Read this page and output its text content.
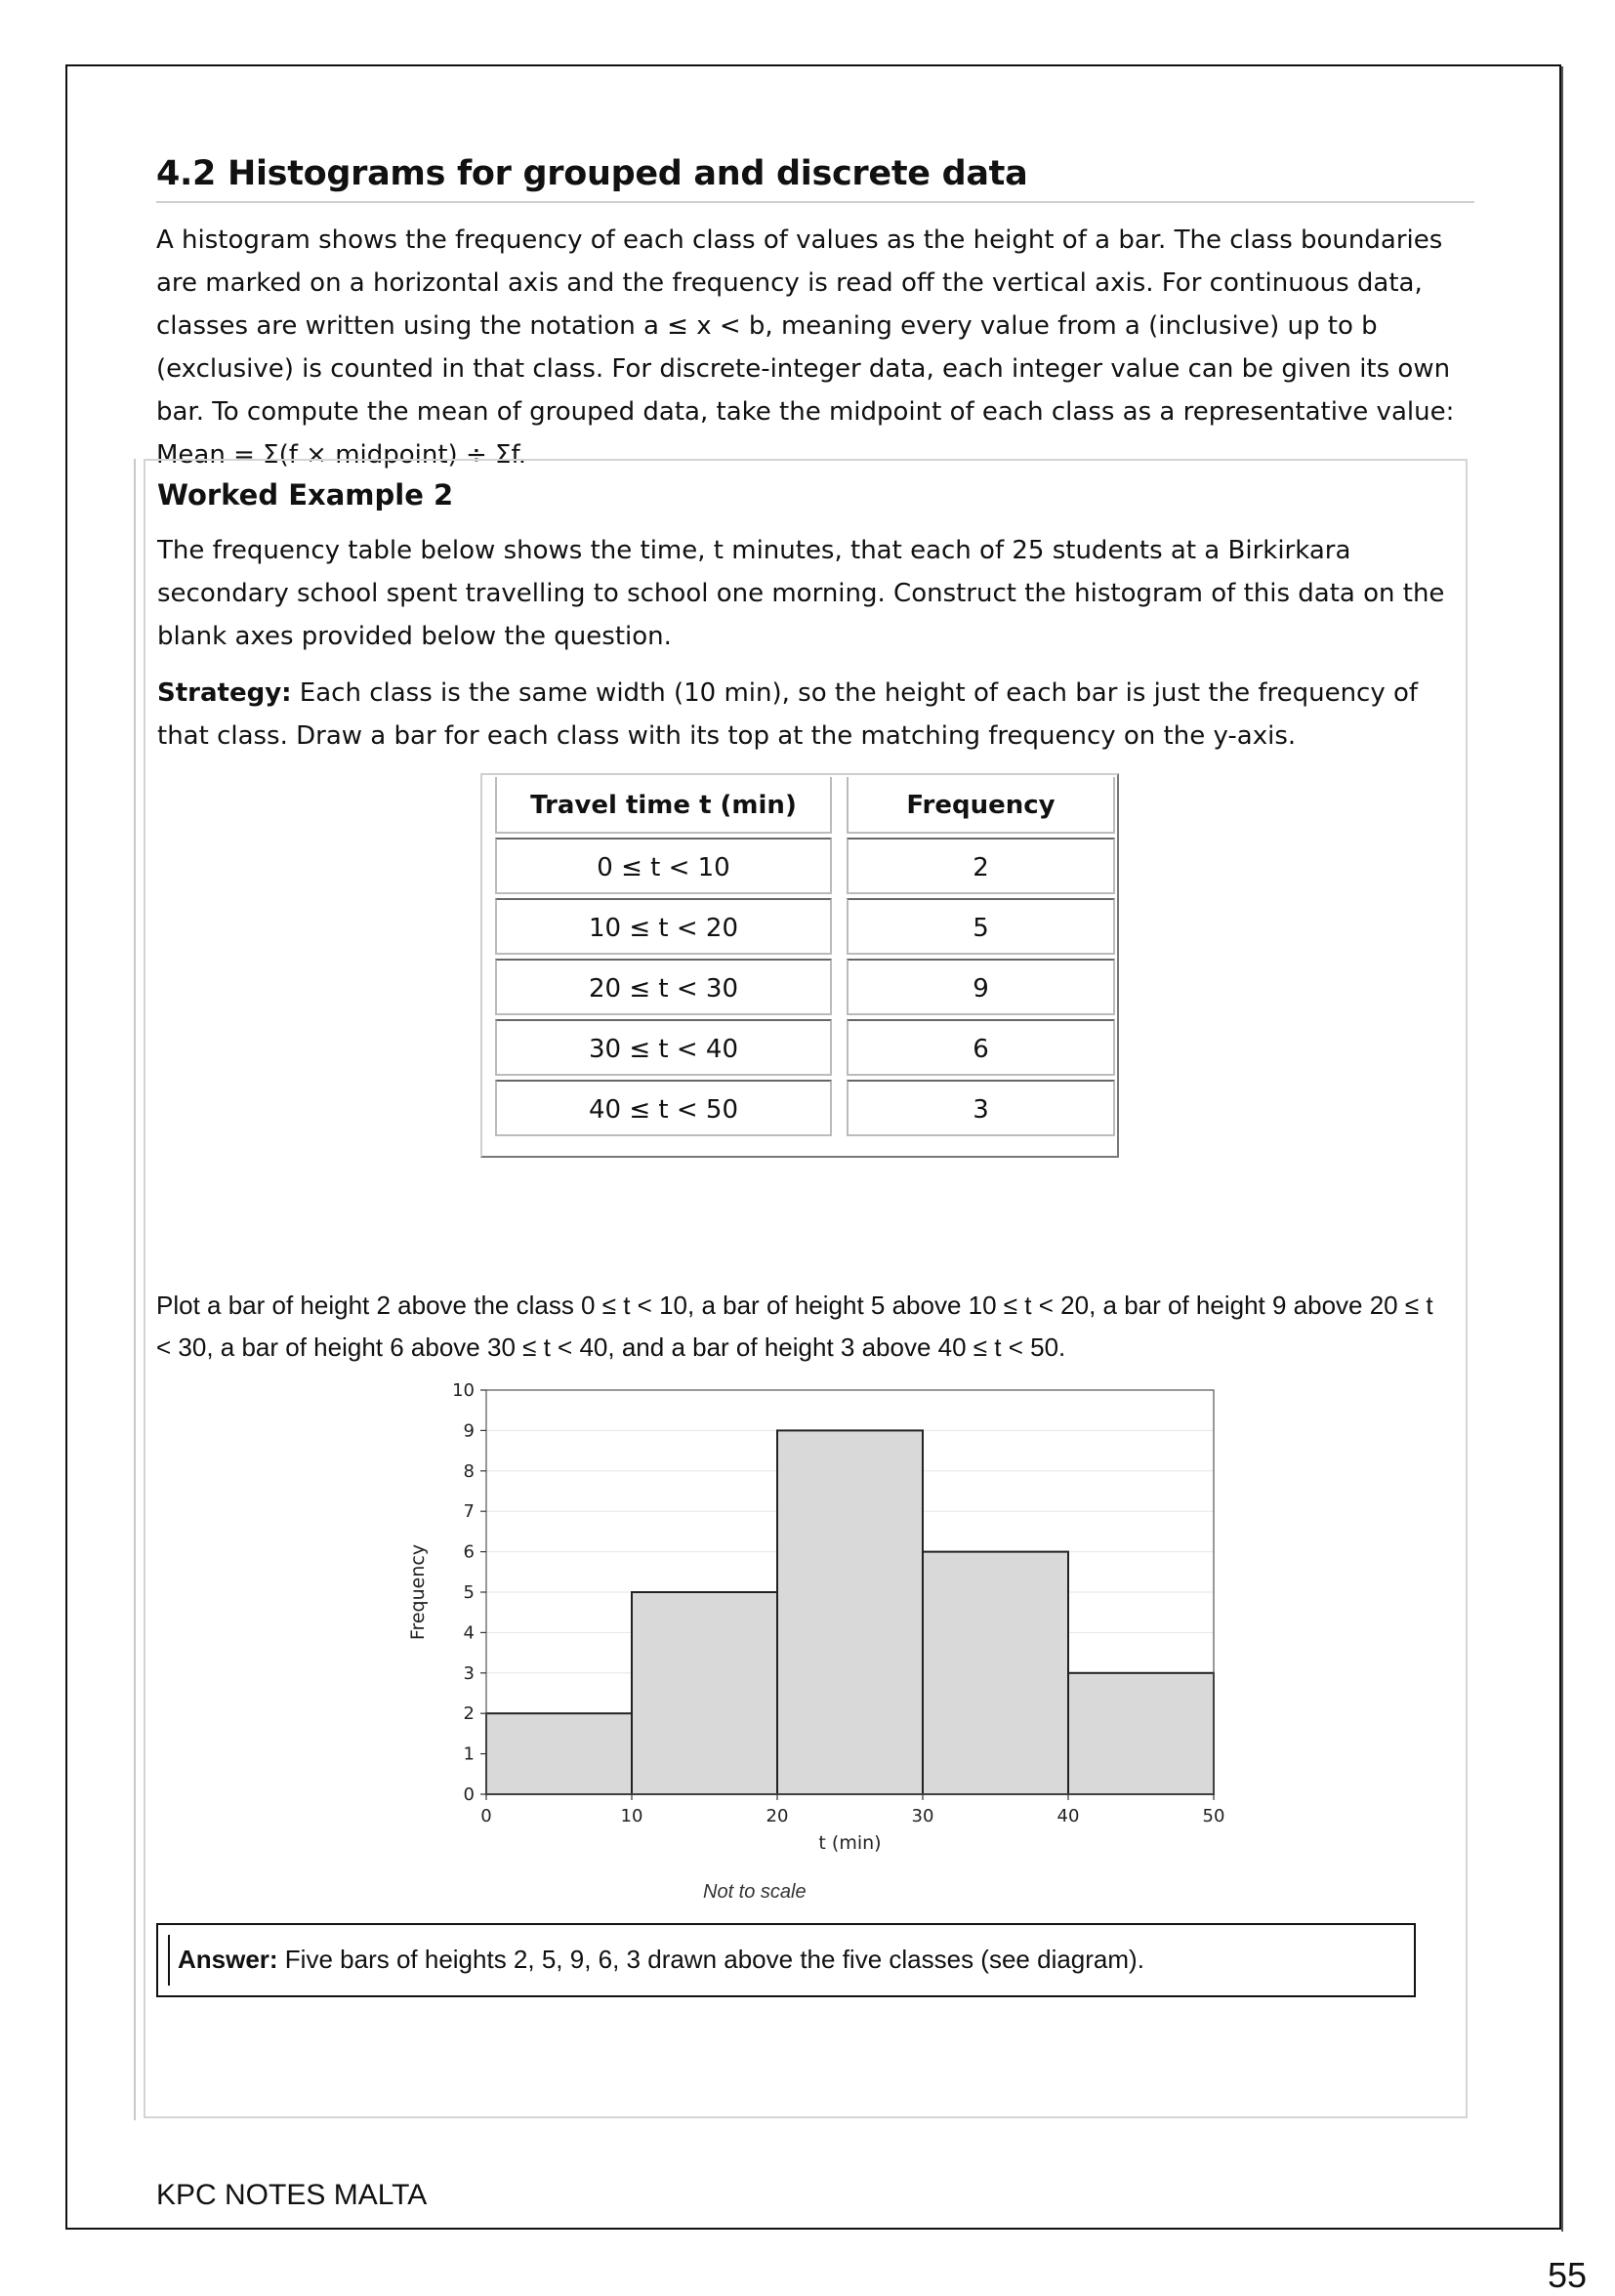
4.2 Histograms for grouped and discrete data

A histogram shows the frequency of each class of values as the height of a bar. The class boundaries are marked on a horizontal axis and the frequency is read off the vertical axis. For continuous data, classes are written using the notation a ≤ x < b, meaning every value from a (inclusive) up to b (exclusive) is counted in that class. For discrete-integer data, each integer value can be given its own bar. To compute the mean of grouped data, take the midpoint of each class as a representative value: Mean = Σ(f × midpoint) ÷ Σf.

Worked Example 2

The frequency table below shows the time, t minutes, that each of 25 students at a Birkirkara secondary school spent travelling to school one morning. Construct the histogram of this data on the blank axes provided below the question.

Strategy: Each class is the same width (10 min), so the height of each bar is just the frequency of that class. Draw a bar for each class with its top at the matching frequency on the y-axis.

Travel time t (min)	Frequency
0 ≤ t < 10	2
10 ≤ t < 20	5
20 ≤ t < 30	9
30 ≤ t < 40	6
40 ≤ t < 50	3

Plot a bar of height 2 above the class 0 ≤ t < 10, a bar of height 5 above 10 ≤ t < 20, a bar of height 9 above 20 ≤ t < 30, a bar of height 6 above 30 ≤ t < 40, and a bar of height 3 above 40 ≤ t < 50.

0
1
2
3
4
5
6
7
8
9
10
0	10	20	30	40	50
t (min)
Frequency
Not to scale
Answer: Five bars of heights 2, 5, 9, 6, 3 drawn above the five classes (see diagram).
KPC NOTES MALTA
55
